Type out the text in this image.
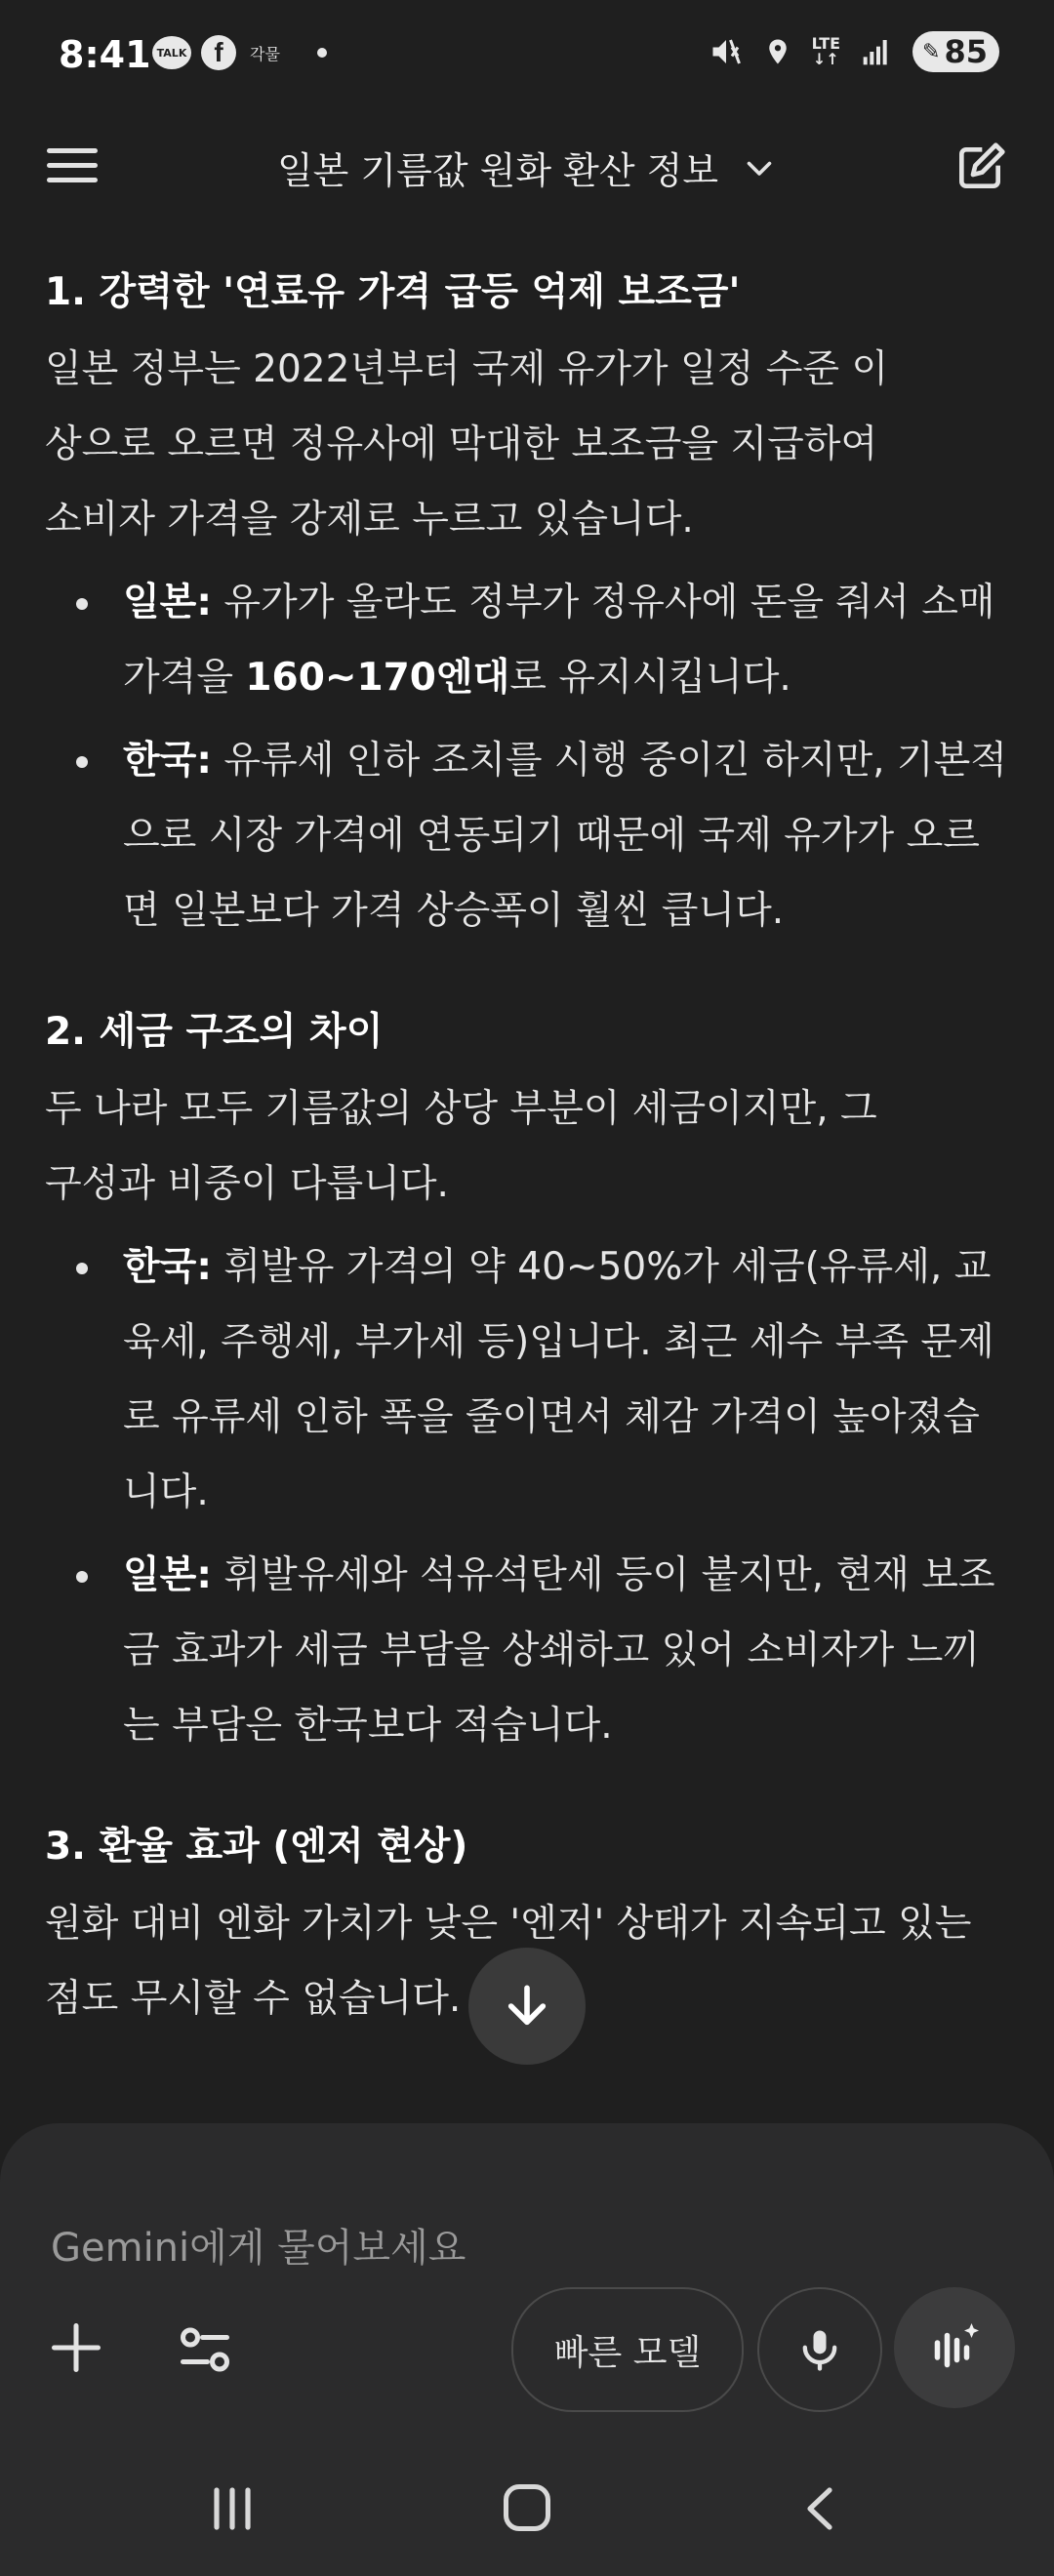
8:41 TALK f	각물
LTE
↓↑	✎ 85
일본 기름값 원화 환산 정보
1. 강력한 '연료유 가격 급등 억제 보조금'

일본 정부는 2022년부터 국제 유가가 일정 수준 이상으로 오르면 정유사에 막대한 보조금을 지급하여 소비자 가격을 강제로 누르고 있습니다.

일본: 유가가 올라도 정부가 정유사에 돈을 줘서 소매 가격을 160~170엔대로 유지시킵니다.
한국: 유류세 인하 조치를 시행 중이긴 하지만, 기본적으로 시장 가격에 연동되기 때문에 국제 유가가 오르면 일본보다 가격 상승폭이 훨씬 큽니다.
2. 세금 구조의 차이

두 나라 모두 기름값의 상당 부분이 세금이지만, 그 구성과 비중이 다릅니다.

한국: 휘발유 가격의 약 40~50%가 세금(유류세, 교육세, 주행세, 부가세 등)입니다. 최근 세수 부족 문제로 유류세 인하 폭을 줄이면서 체감 가격이 높아졌습니다.
일본: 휘발유세와 석유석탄세 등이 붙지만, 현재 보조금 효과가 세금 부담을 상쇄하고 있어 소비자가 느끼는 부담은 한국보다 적습니다.
3. 환율 효과 (엔저 현상)

원화 대비 엔화 가치가 낮은 '엔저' 상태가 지속되고 있는 점도 무시할 수 없습니다.

Gemini에게 물어보세요
빠른 모델
